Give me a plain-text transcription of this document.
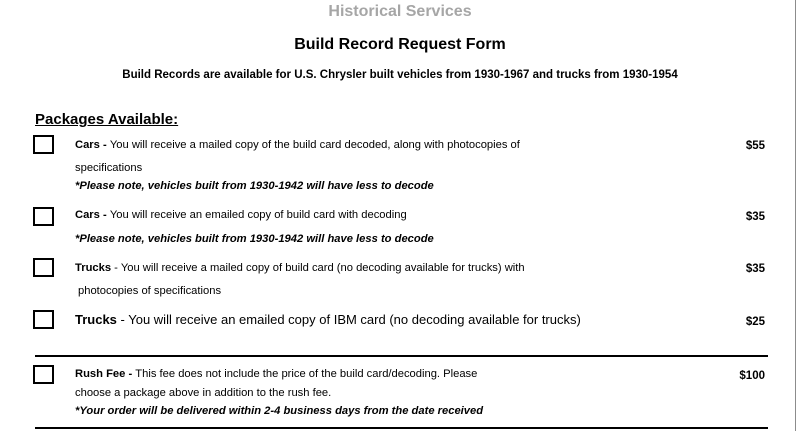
Historical Services
Build Record Request Form
Build Records are available for U.S. Chrysler built vehicles from 1930-1967 and trucks from 1930-1954
Packages Available:
Cars - You will receive a mailed copy of the build card decoded, along with photocopies of
specifications
*Please note, vehicles built from 1930-1942 will have less to decode
$55
Cars - You will receive an emailed copy of build card with decoding
*Please note, vehicles built from 1930-1942 will have less to decode
$35
Trucks - You will receive a mailed copy of build card (no decoding available for trucks) with
photocopies of specifications
$35
Trucks - You will receive an emailed copy of IBM card (no decoding available for trucks)	$25
Rush Fee - This fee does not include the price of the build card/decoding. Please
choose a package above in addition to the rush fee.
*Your order will be delivered within 2-4 business days from the date received
$100
